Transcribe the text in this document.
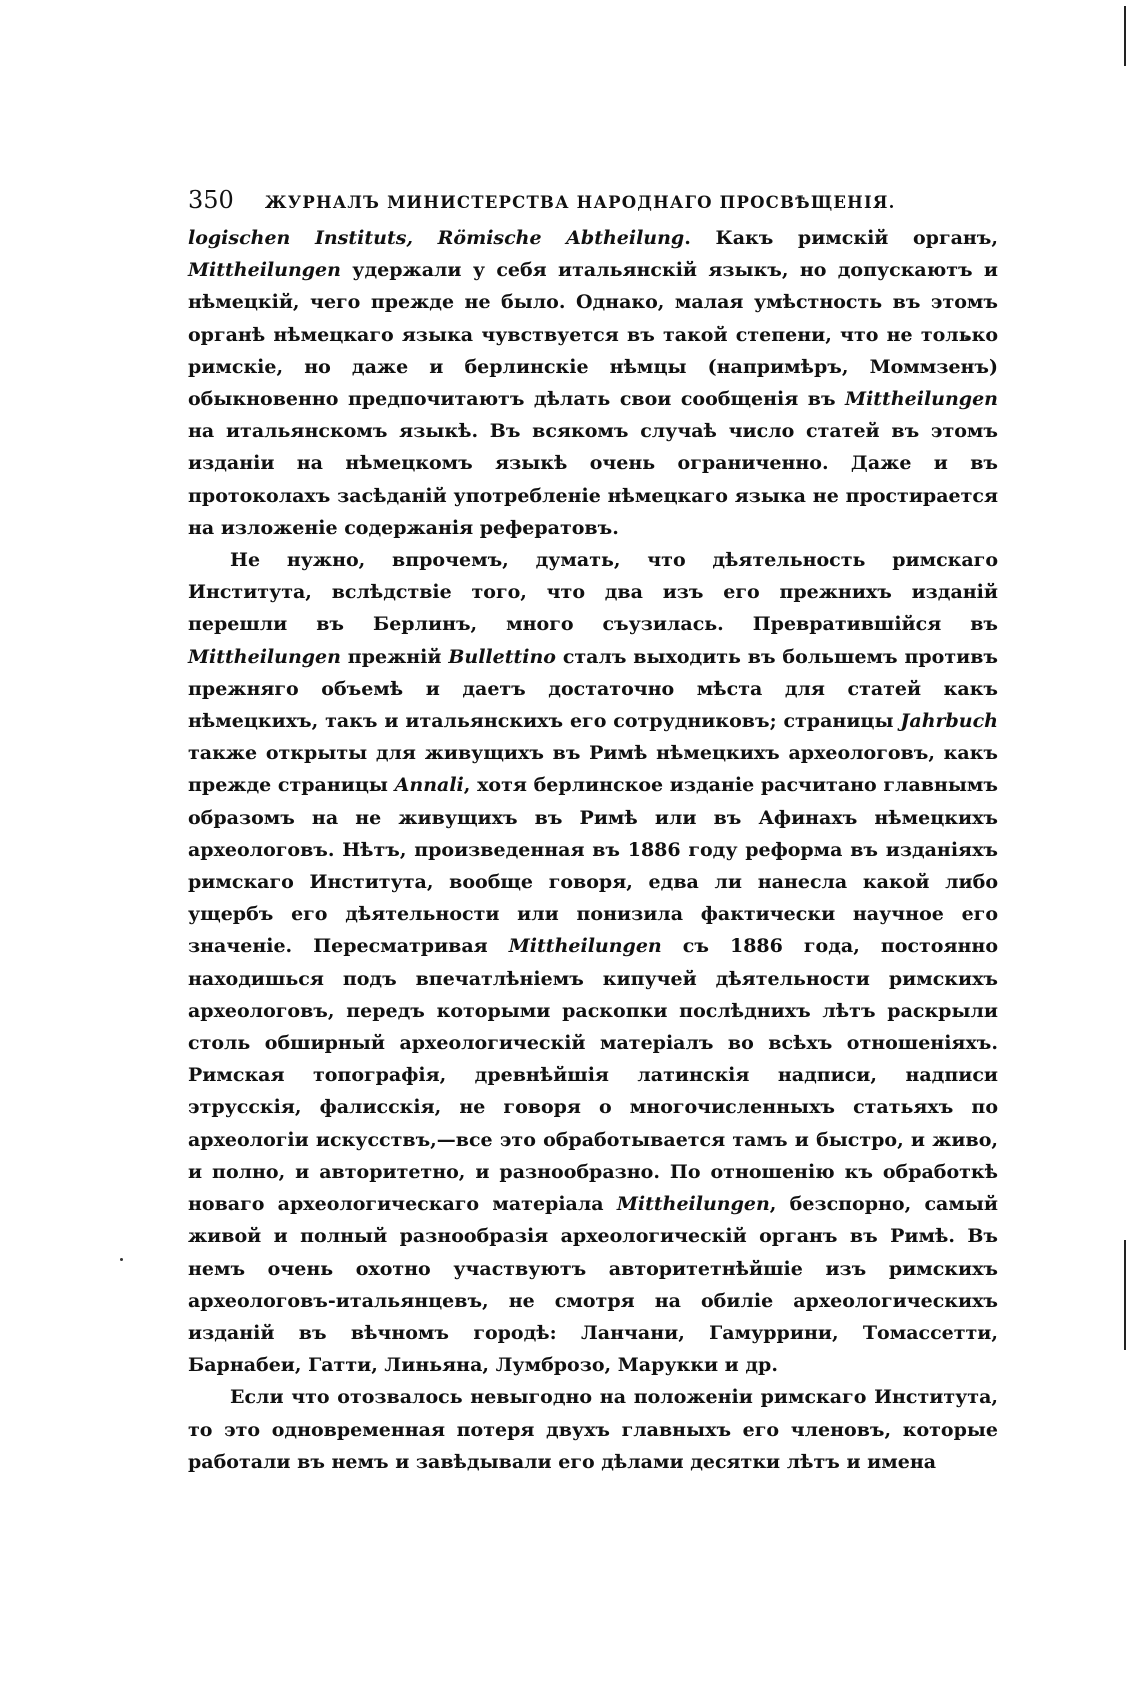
350 ЖУРНАЛЪ МИНИСТЕРСТВА НАРОДНАГО ПРОСВѢЩЕНІЯ.

logischen Instituts, Römische Abtheilung. Какъ римскій органъ, Mittheilungen удержали у себя итальянскій языкъ, но допускаютъ и нѣмецкій, чего прежде не было. Однако, малая умѣстность въ этомъ органѣ нѣмецкаго языка чувствуется въ такой степени, что не только римскіе, но даже и берлинскіе нѣмцы (напримѣръ, Моммзенъ) обыкновенно предпочитаютъ дѣлать свои сообщенія въ Mittheilungen на итальянскомъ языкѣ. Въ всякомъ случаѣ число статей въ этомъ изданіи на нѣмецкомъ языкѣ очень ограниченно. Даже и въ протоколахъ засѣданій употребленіе нѣмецкаго языка не простирается на изложеніе содержанія рефератовъ.

Не нужно, впрочемъ, думать, что дѣятельность римскаго Института, вслѣдствіе того, что два изъ его прежнихъ изданій перешли въ Берлинъ, много съузилась. Превратившійся въ Mittheilungen прежній Bullettino сталъ выходить въ большемъ противъ прежняго объемѣ и даетъ достаточно мѣста для статей какъ нѣмецкихъ, такъ и итальянскихъ его сотрудниковъ; страницы Jahrbuch также открыты для живущихъ въ Римѣ нѣмецкихъ археологовъ, какъ прежде страницы Annali, хотя берлинское изданіе расчитано главнымъ образомъ на не живущихъ въ Римѣ или въ Афинахъ нѣмецкихъ археологовъ. Нѣтъ, произведенная въ 1886 году реформа въ изданіяхъ римскаго Института, вообще говоря, едва ли нанесла какой либо ущербъ его дѣятельности или понизила фактически научное его значеніе. Пересматривая Mittheilungen съ 1886 года, постоянно находишься подъ впечатлѣніемъ кипучей дѣятельности римскихъ археологовъ, передъ которыми раскопки послѣднихъ лѣтъ раскрыли столь обширный археологическій матеріалъ во всѣхъ отношеніяхъ. Римская топографія, древнѣйшія латинскія надписи, надписи этрусскія, фалисскія, не говоря о многочисленныхъ статьяхъ по археологіи искусствъ,—все это обработывается тамъ и быстро, и живо, и полно, и авторитетно, и разнообразно. По отношенію къ обработкѣ новаго археологическаго матеріала Mittheilungen, безспорно, самый живой и полный разнообразія археологическій органъ въ Римѣ. Въ немъ очень охотно участвуютъ авторитетнѣйшіе изъ римскихъ археологовъ-итальянцевъ, не смотря на обиліе археологическихъ изданій въ вѣчномъ городѣ: Ланчани, Гамуррини, Томассетти, Барнабеи, Гатти, Линьяна, Лумброзо, Марукки и др.

Если что отозвалось невыгодно на положеніи римскаго Института, то это одновременная потеря двухъ главныхъ его членовъ, которые работали въ немъ и завѣдывали его дѣлами десятки лѣтъ и имена
